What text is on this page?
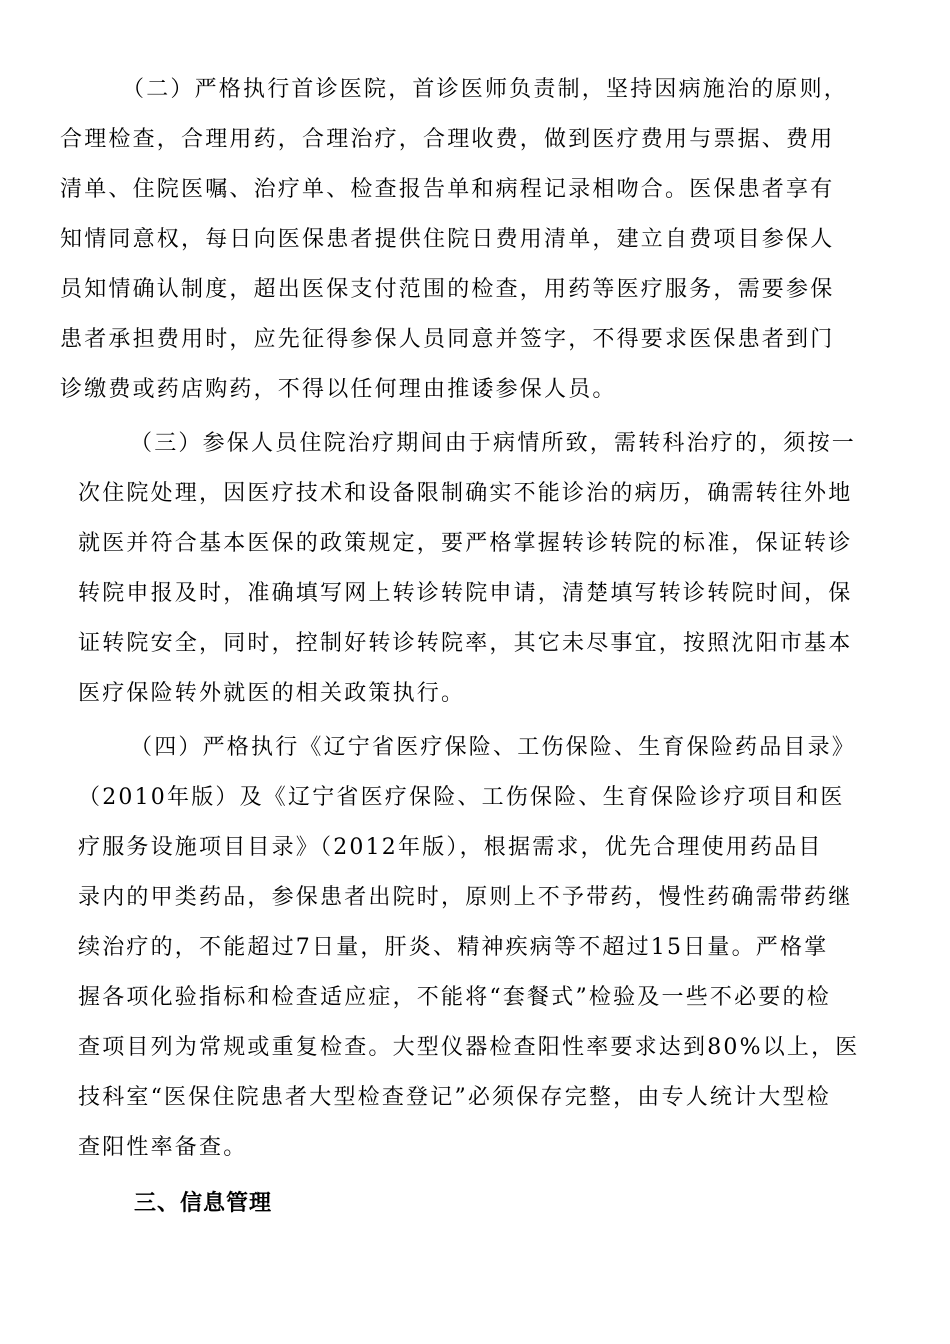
（二）严格执行首诊医院，首诊医师负责制，坚持因病施治的原则，
合理检查，合理用药，合理治疗，合理收费，做到医疗费用与票据、费用
清单、住院医嘱、治疗单、检查报告单和病程记录相吻合。医保患者享有
知情同意权，每日向医保患者提供住院日费用清单，建立自费项目参保人
员知情确认制度，超出医保支付范围的检查，用药等医疗服务，需要参保
患者承担费用时，应先征得参保人员同意并签字，不得要求医保患者到门
诊缴费或药店购药，不得以任何理由推诿参保人员。
（三）参保人员住院治疗期间由于病情所致，需转科治疗的，须按一
次住院处理，因医疗技术和设备限制确实不能诊治的病历，确需转往外地
就医并符合基本医保的政策规定，要严格掌握转诊转院的标准，保证转诊
转院申报及时，准确填写网上转诊转院申请，清楚填写转诊转院时间，保
证转院安全，同时，控制好转诊转院率，其它未尽事宜，按照沈阳市基本
医疗保险转外就医的相关政策执行。
（四）严格执行《辽宁省医疗保险、工伤保险、生育保险药品目录》
（2010年版）及《辽宁省医疗保险、工伤保险、生育保险诊疗项目和医
疗服务设施项目目录》（2012年版），根据需求，优先合理使用药品目
录内的甲类药品，参保患者出院时，原则上不予带药，慢性药确需带药继
续治疗的，不能超过7日量，肝炎、精神疾病等不超过15日量。严格掌
握各项化验指标和检查适应症，不能将“套餐式”检验及一些不必要的检
查项目列为常规或重复检查。大型仪器检查阳性率要求达到80%以上，医
技科室“医保住院患者大型检查登记”必须保存完整，由专人统计大型检
查阳性率备查。
三、信息管理
